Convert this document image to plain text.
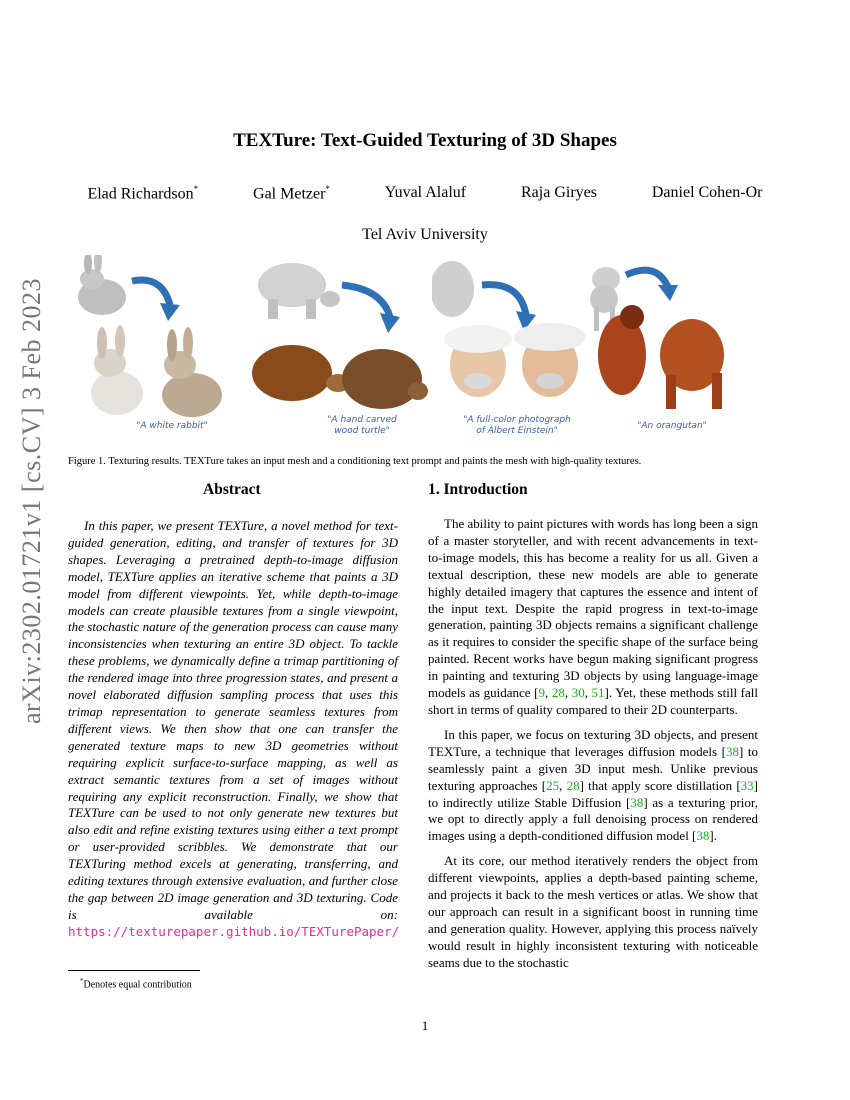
arXiv:2302.01721v1 [cs.CV] 3 Feb 2023
TEXTure: Text-Guided Texturing of 3D Shapes
Elad Richardson*	Gal Metzer*	Yuval Alaluf	Raja Giryes	Daniel Cohen-Or
Tel Aviv University
"A white rabbit"
"A hand carved
wood turtle"
"A full-color photograph
of Albert Einstein"	"An orangutan"
Figure 1. Texturing results. TEXTure takes an input mesh and a conditioning text prompt and paints the mesh with high-quality textures.
Abstract

In this paper, we present TEXTure, a novel method for text-guided generation, editing, and transfer of textures for 3D shapes. Leveraging a pretrained depth-to-image diffusion model, TEXTure applies an iterative scheme that paints a 3D model from different viewpoints. Yet, while depth-to-image models can create plausible textures from a single viewpoint, the stochastic nature of the generation process can cause many inconsistencies when texturing an entire 3D object. To tackle these problems, we dynamically define a trimap partitioning of the rendered image into three progression states, and present a novel elaborated diffusion sampling process that uses this trimap representation to generate seamless textures from different views. We then show that one can transfer the generated texture maps to new 3D geometries without requiring explicit surface-to-surface mapping, as well as extract semantic textures from a set of images without requiring any explicit reconstruction. Finally, we show that TEXTure can be used to not only generate new textures but also edit and refine existing textures using either a text prompt or user-provided scribbles. We demonstrate that our TEXTuring method excels at generating, transferring, and editing textures through extensive evaluation, and further close the gap between 2D image generation and 3D texturing. Code is available on: https://texturepaper.github.io/TEXTurePaper/

1. Introduction

The ability to paint pictures with words has long been a sign of a master storyteller, and with recent advancements in text-to-image models, this has become a reality for us all. Given a textual description, these new models are able to generate highly detailed imagery that captures the essence and intent of the input text. Despite the rapid progress in text-to-image generation, painting 3D objects remains a significant challenge as it requires to consider the specific shape of the surface being painted. Recent works have begun making significant progress in painting and texturing 3D objects by using language-image models as guidance [9, 28, 30, 51]. Yet, these methods still fall short in terms of quality compared to their 2D counterparts.

In this paper, we focus on texturing 3D objects, and present TEXTure, a technique that leverages diffusion models [38] to seamlessly paint a given 3D input mesh. Unlike previous texturing approaches [25, 28] that apply score distillation [33] to indirectly utilize Stable Diffusion [38] as a texturing prior, we opt to directly apply a full denoising process on rendered images using a depth-conditioned diffusion model [38].

At its core, our method iteratively renders the object from different viewpoints, applies a depth-based painting scheme, and projects it back to the mesh vertices or atlas. We show that our approach can result in a significant boost in running time and generation quality. However, applying this process naïvely would result in highly inconsistent texturing with noticeable seams due to the stochastic

*Denotes equal contribution
1
